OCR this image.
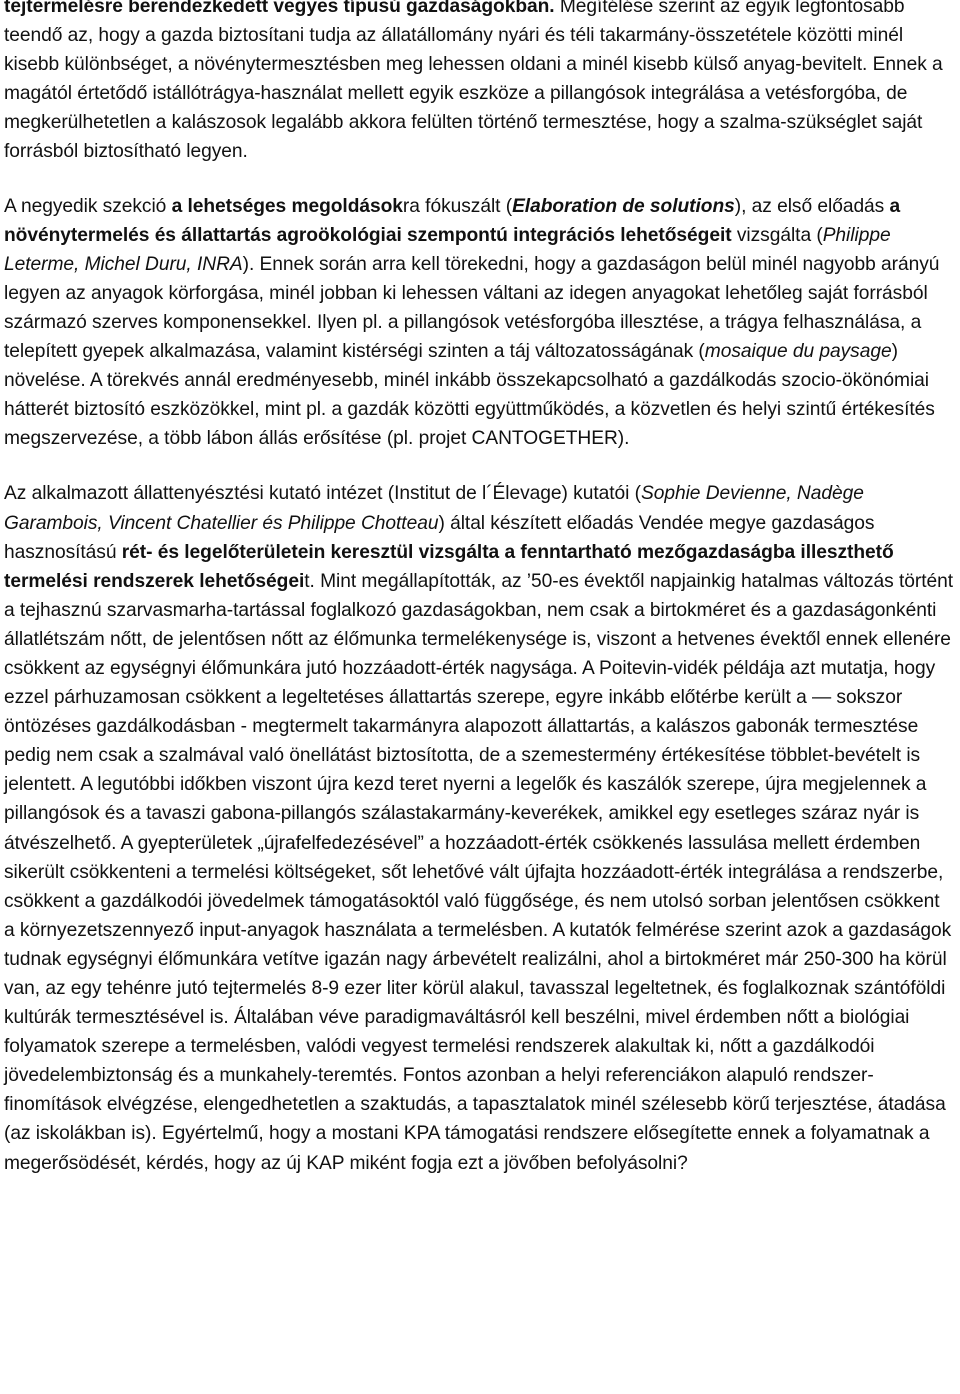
tejtermelésre berendezkedett vegyes típusú gazdaságokban. Megítélése szerint az egyik legfontosabb teendő az, hogy a gazda biztosítani tudja az állatállomány nyári és téli takarmány-összetétele közötti minél kisebb különbséget, a növénytermesztésben meg lehessen oldani a minél kisebb külső anyag-bevitelt. Ennek a magától értetődő istállótrágya-használat mellett egyik eszköze a pillangósok integrálása a vetésforgóba, de megkerülhetetlen a kalászosok legalább akkora felülten történő termesztése, hogy a szalma-szükséglet saját forrásból biztosítható legyen.

A negyedik szekció a lehetséges megoldásokra fókuszált (Elaboration de solutions), az első előadás a növénytermelés és állattartás agroökológiai szempontú integrációs lehetőségeit vizsgálta (Philippe Leterme, Michel Duru, INRA). Ennek során arra kell törekedni, hogy a gazdaságon belül minél nagyobb arányú legyen az anyagok körforgása, minél jobban ki lehessen váltani az idegen anyagokat lehetőleg saját forrásból származó szerves komponensekkel. Ilyen pl. a pillangósok vetésforgóba illesztése, a trágya felhasználása, a telepített gyepek alkalmazása, valamint kistérségi szinten a táj változatosságának (mosaique du paysage) növelése. A törekvés annál eredményesebb, minél inkább összekapcsolható a gazdálkodás szocio-ökönómiai hátterét biztosító eszközökkel, mint pl. a gazdák közötti együttműködés, a közvetlen és helyi szintű értékesítés megszervezése, a több lábon állás erősítése (pl. projet CANTOGETHER).

Az alkalmazott állattenyésztési kutató intézet (Institut de l´Élevage) kutatói (Sophie Devienne, Nadège Garambois, Vincent Chatellier és Philippe Chotteau) által készített előadás Vendée megye gazdaságos hasznosítású rét- és legelőterületein keresztül vizsgálta a fenntartható mezőgazdaságba illeszthető termelési rendszerek lehetőségeit. Mint megállapították, az ’50-es évektől napjainkig hatalmas változás történt a tejhasznú szarvasmarha-tartással foglalkozó gazdaságokban, nem csak a birtokméret és a gazdaságonkénti állatlétszám nőtt, de jelentősen nőtt az élőmunka termelékenysége is, viszont a hetvenes évektől ennek ellenére csökkent az egységnyi élőmunkára jutó hozzáadott-érték nagysága. A Poitevin-vidék példája azt mutatja, hogy ezzel párhuzamosan csökkent a legeltetéses állattartás szerepe, egyre inkább előtérbe került a — sokszor öntözéses gazdálkodásban - megtermelt takarmányra alapozott állattartás, a kalászos gabonák termesztése pedig nem csak a szalmával való önellátást biztosította, de a szemestermény értékesítése többlet-bevételt is jelentett. A legutóbbi időkben viszont újra kezd teret nyerni a legelők és kaszálók szerepe, újra megjelennek a pillangósok és a tavaszi gabona-pillangós szálastakarmány-keverékek, amikkel egy esetleges száraz nyár is átvészelhető. A gyepterületek „újrafelfedezésével” a hozzáadott-érték csökkenés lassulása mellett érdemben sikerült csökkenteni a termelési költségeket, sőt lehetővé vált újfajta hozzáadott-érték integrálása a rendszerbe, csökkent a gazdálkodói jövedelmek támogatásoktól való függősége, és nem utolsó sorban jelentősen csökkent a környezetszennyező input-anyagok használata a termelésben. A kutatók felmérése szerint azok a gazdaságok tudnak egységnyi élőmunkára vetítve igazán nagy árbevételt realizálni, ahol a birtokméret már 250-300 ha körül van, az egy tehénre jutó tejtermelés 8-9 ezer liter körül alakul, tavasszal legeltetnek, és foglalkoznak szántóföldi kultúrák termesztésével is. Általában véve paradigmaváltásról kell beszélni, mivel érdemben nőtt a biológiai folyamatok szerepe a termelésben, valódi vegyest termelési rendszerek alakultak ki, nőtt a gazdálkodói jövedelembiztonság és a munkahely-teremtés. Fontos azonban a helyi referenciákon alapuló rendszer-finomítások elvégzése, elengedhetetlen a szaktudás, a tapasztalatok minél szélesebb körű terjesztése, átadása (az iskolákban is). Egyértelmű, hogy a mostani KPA támogatási rendszere elősegítette ennek a folyamatnak a megerősödését, kérdés, hogy az új KAP miként fogja ezt a jövőben befolyásolni?
